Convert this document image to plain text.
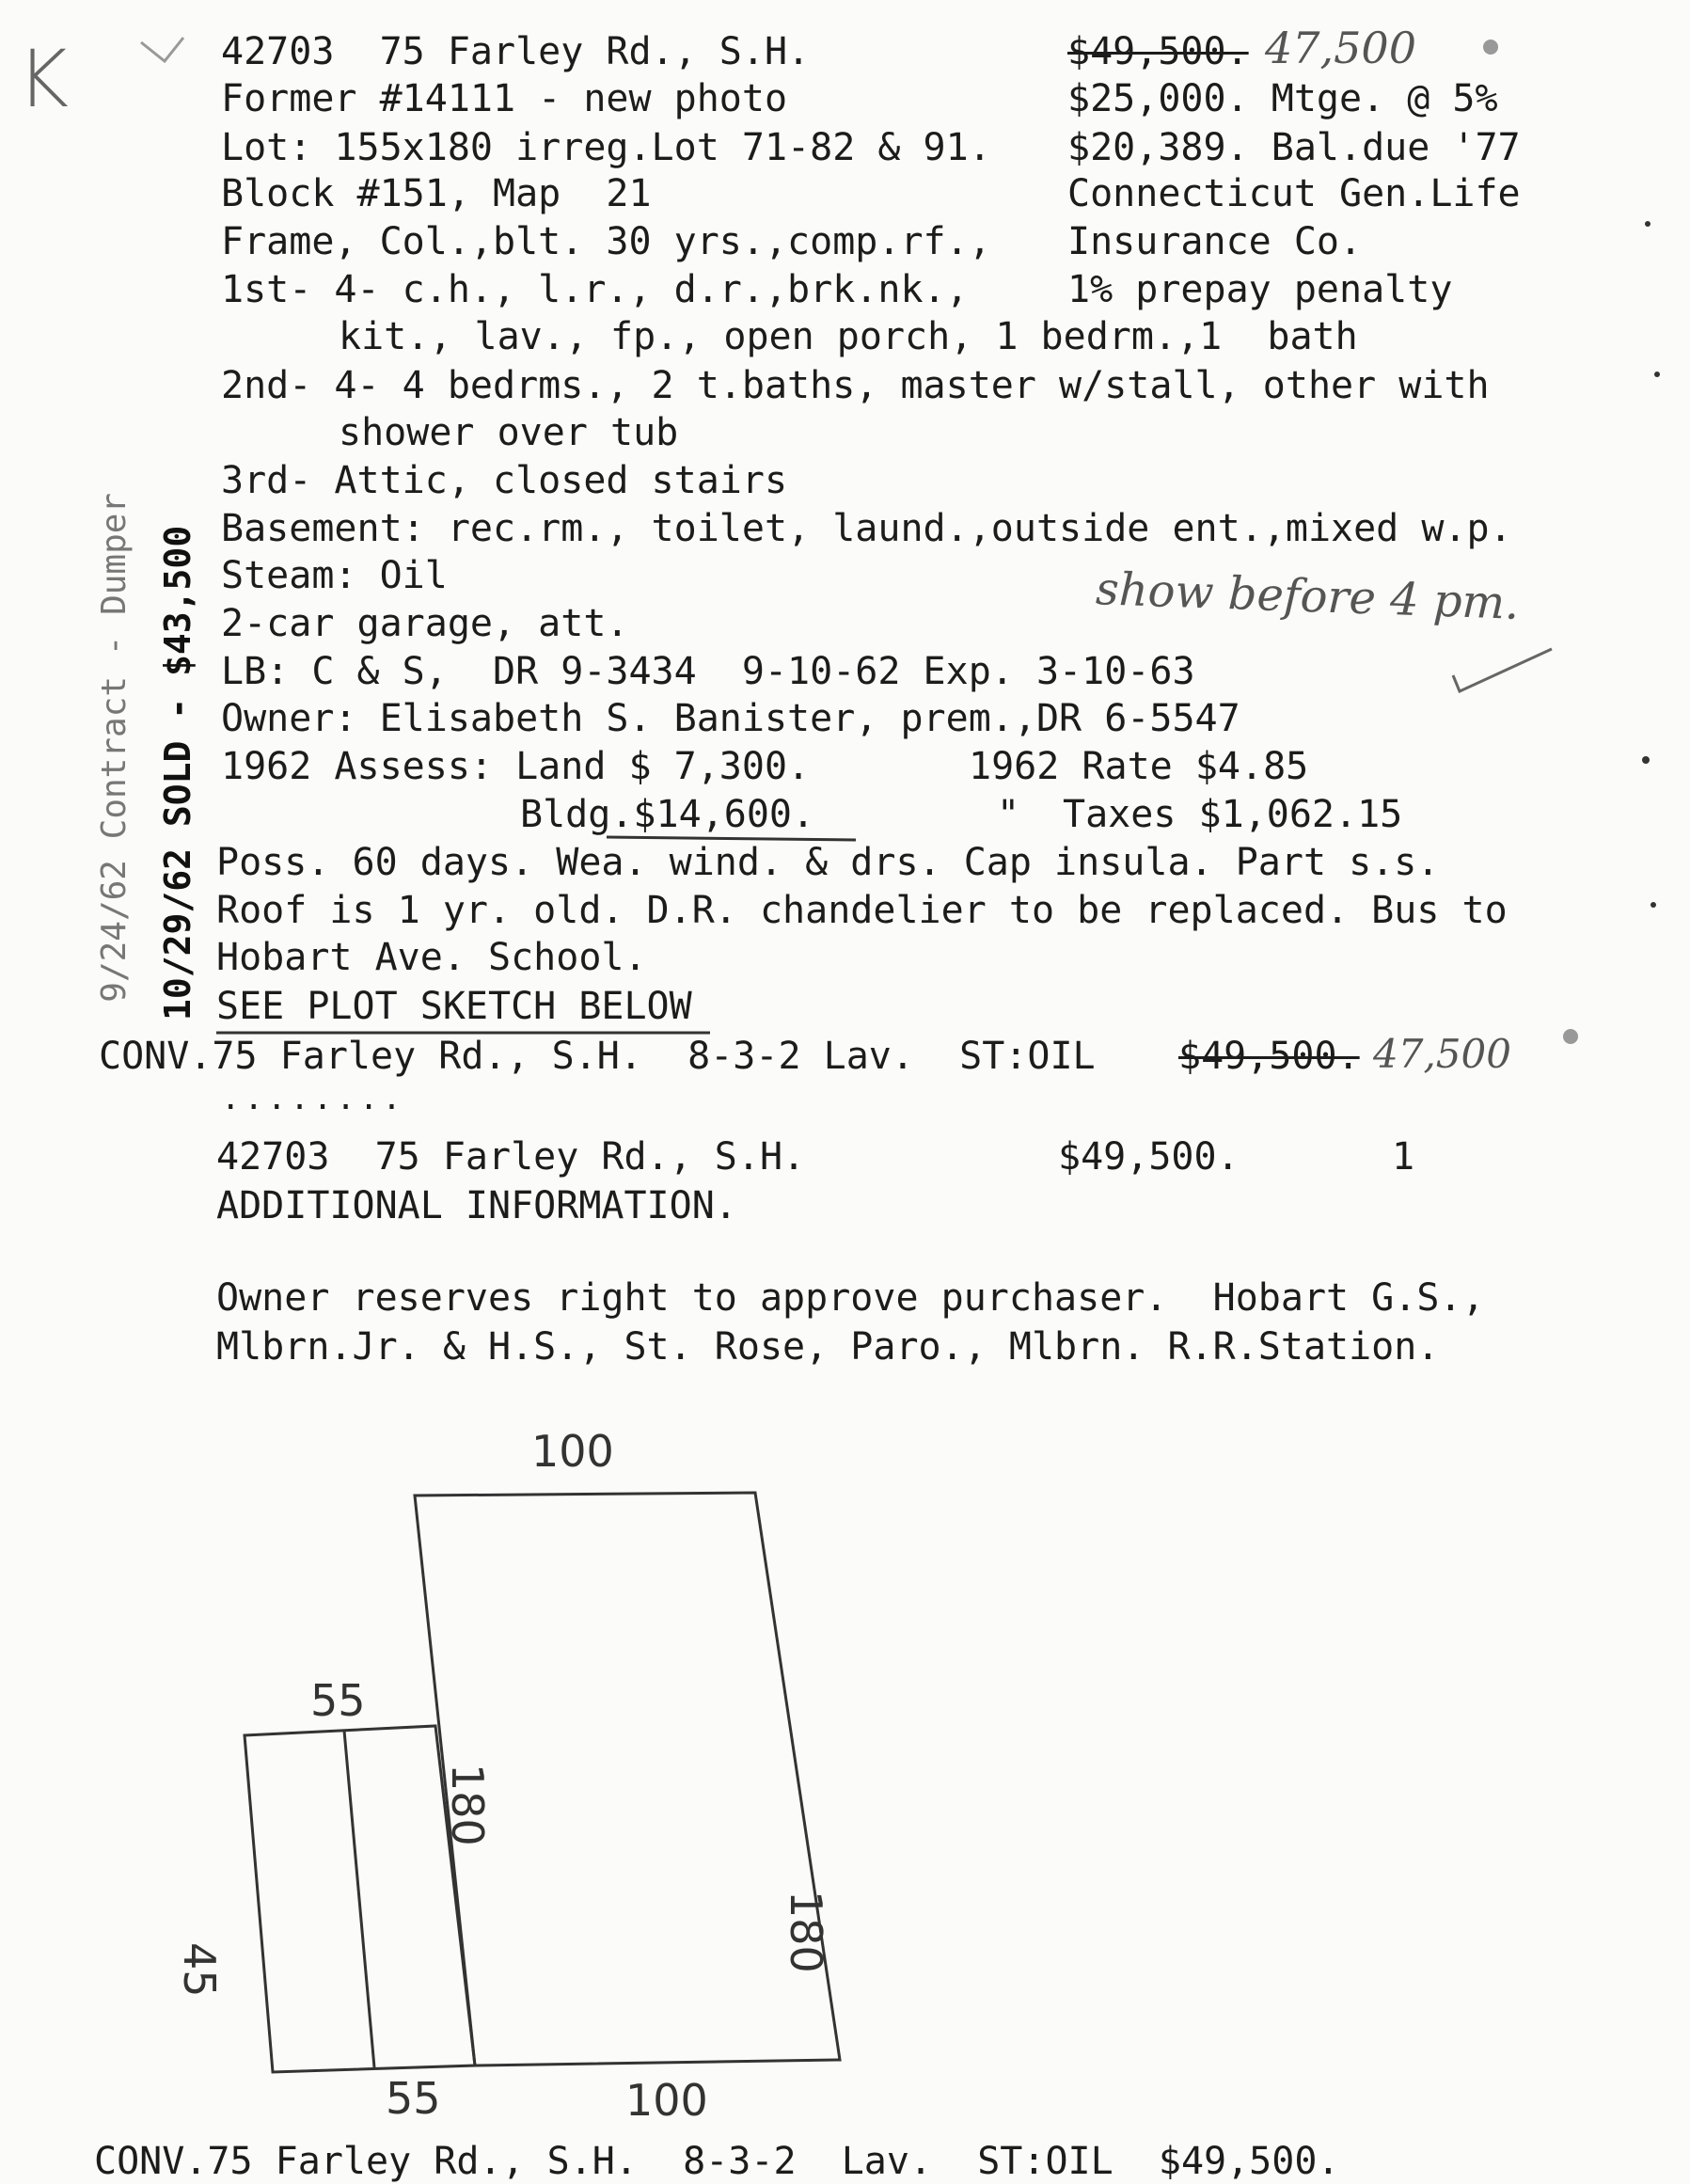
K

9/24/62 Contract - Dumper
10/29/62 SOLD - $43,500

42703  75 Farley Rd., S.H.
Former #14111 - new photo
Lot: 155x180 irreg.Lot 71-82 & 91.
Block #151, Map  21
Frame, Col.,blt. 30 yrs.,comp.rf.,
1st- 4- c.h., l.r., d.r.,brk.nk.,
kit., lav., fp., open porch, 1 bedrm.,1  bath
2nd- 4- 4 bedrms., 2 t.baths, master w/stall, other with
shower over tub
3rd- Attic, closed stairs
Basement: rec.rm., toilet, laund.,outside ent.,mixed w.p.
Steam: Oil
2-car garage, att.
LB: C & S,  DR 9-3434  9-10-62 Exp. 3-10-63
Owner: Elisabeth S. Banister, prem.,DR 6-5547
1962 Assess: Land $ 7,300.	1962 Rate $4.85
Bldg.$14,600.	" Taxes $1,062.15
Poss. 60 days. Wea. wind. & drs. Cap insula. Part s.s.
Roof is 1 yr. old. D.R. chandelier to be replaced. Bus to
Hobart Ave. School.
SEE PLOT SKETCH BELOW
$49,500. 47,500
$25,000. Mtge. @ 5%
$20,389. Bal.due '77
Connecticut Gen.Life
Insurance Co.
1% prepay penalty
show before 4 pm.
CONV.75 Farley Rd., S.H.  8-3-2 Lav.  ST:OIL $49,500. 47,500
........
42703  75 Farley Rd., S.H.	$49,500.	1
ADDITIONAL INFORMATION.
Owner reserves right to approve purchaser.  Hobart G.S.,
Mlbrn.Jr. & H.S., St. Rose, Paro., Mlbrn. R.R.Station.
100
180
180
55
45
55	100
CONV.75 Farley Rd., S.H.  8-3-2  Lav.  ST:OIL  $49,500.
